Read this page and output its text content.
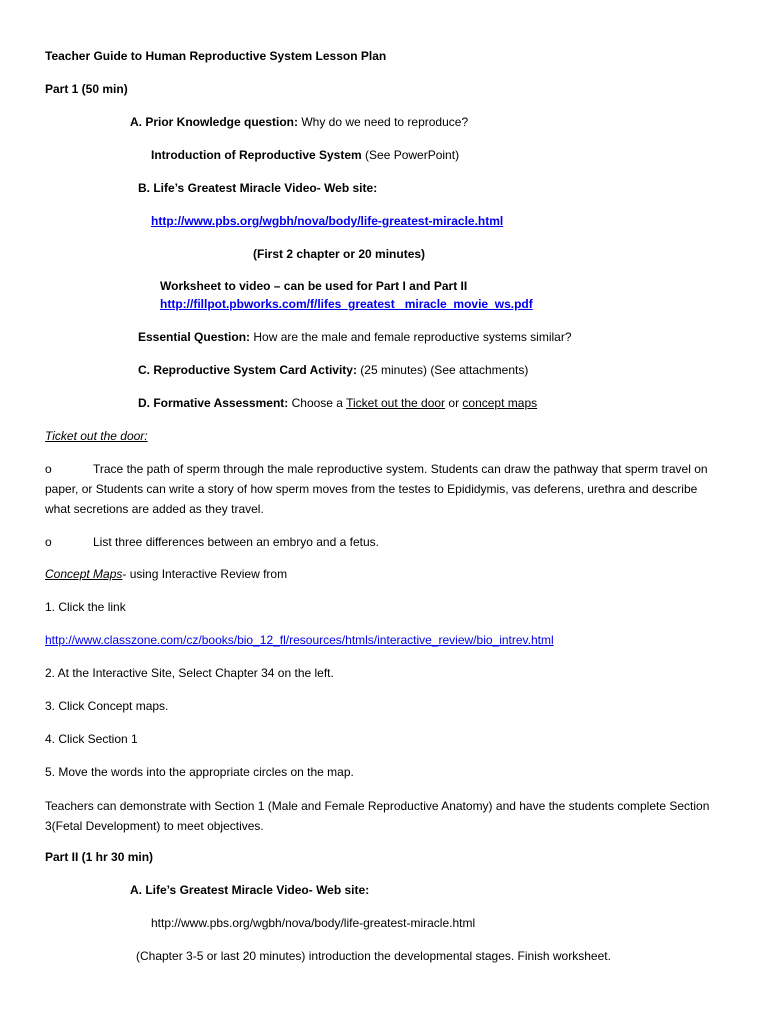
Teacher Guide to Human Reproductive System Lesson Plan
Part 1 (50 min)
A. Prior Knowledge question: Why do we need to reproduce?
Introduction of Reproductive System (See PowerPoint)
B. Life’s Greatest Miracle Video- Web site:
http://www.pbs.org/wgbh/nova/body/life-greatest-miracle.html
(First 2 chapter or 20 minutes)
Worksheet to video – can be used for Part I and Part II
http://fillpot.pbworks.com/f/lifes_greatest_ miracle_movie_ws.pdf
Essential Question: How are the male and female reproductive systems similar?
C. Reproductive System Card Activity: (25 minutes) (See attachments)
D. Formative Assessment: Choose a Ticket out the door or concept maps
Ticket out the door:
o	Trace the path of sperm through the male reproductive system. Students can draw the pathway that sperm travel on paper, or Students can write a story of how sperm moves from the testes to Epididymis, vas deferens, urethra and describe what secretions are added as they travel.
o	List three differences between an embryo and a fetus.
Concept Maps- using Interactive Review from
1. Click the link
http://www.classzone.com/cz/books/bio_12_fl/resources/htmls/interactive_review/bio_intrev.html
2. At the Interactive Site, Select Chapter 34 on the left.
3. Click Concept maps.
4. Click Section 1
5. Move the words into the appropriate circles on the map.
Teachers can demonstrate with Section 1 (Male and Female Reproductive Anatomy) and have the students complete Section 3(Fetal Development) to meet objectives.
Part II (1 hr 30 min)
A. Life’s Greatest Miracle Video- Web site:
http://www.pbs.org/wgbh/nova/body/life-greatest-miracle.html
(Chapter 3-5 or last 20 minutes) introduction the developmental stages. Finish worksheet.
